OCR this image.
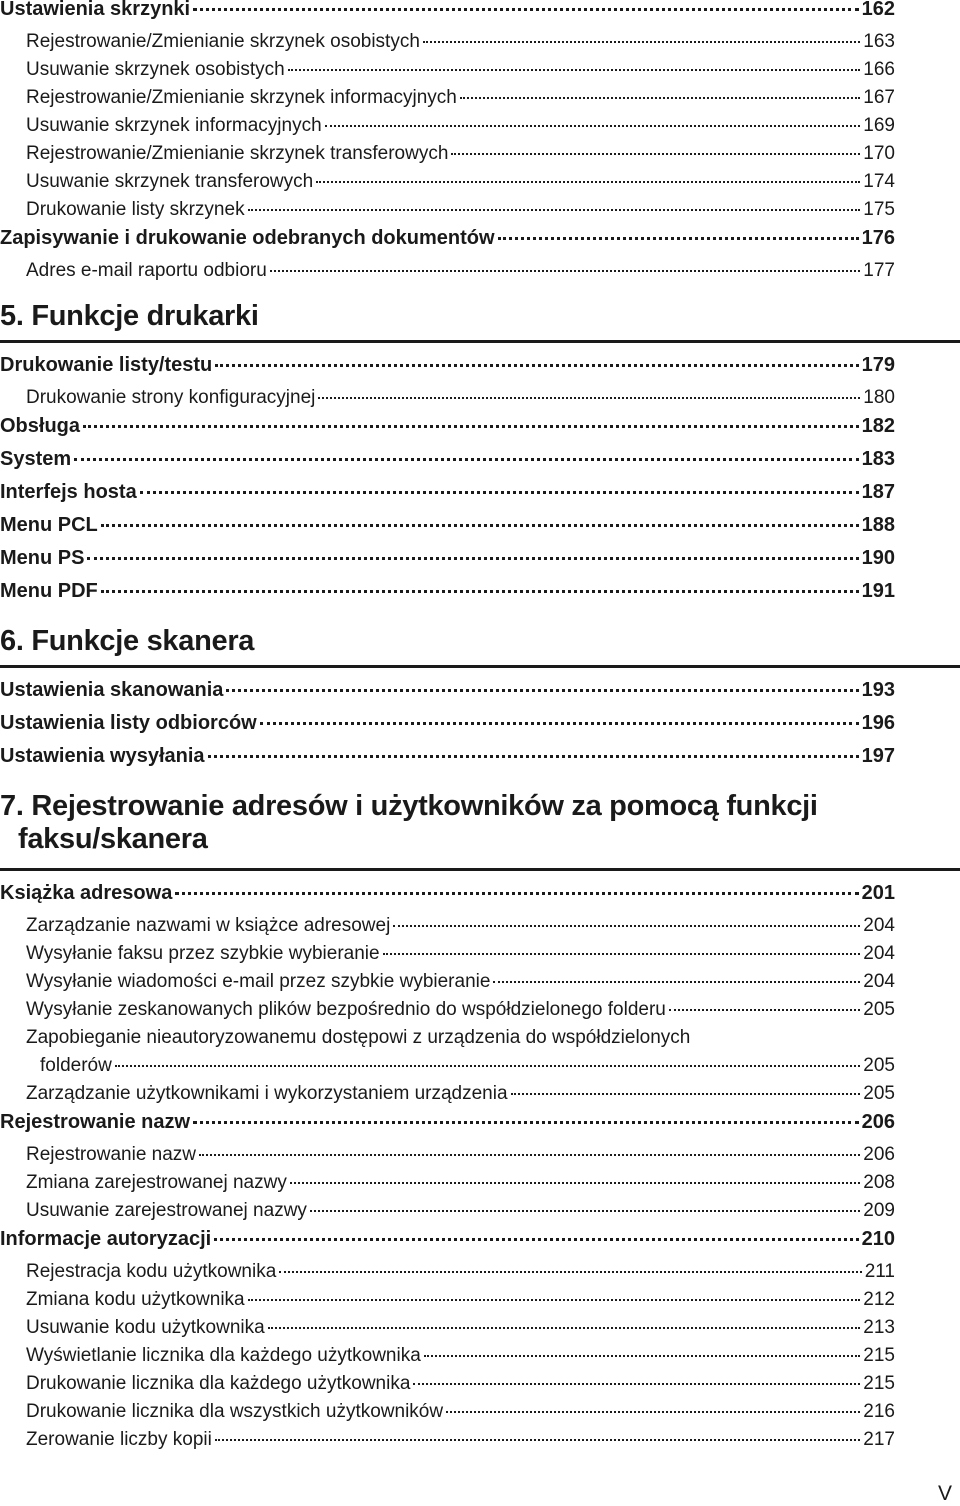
Ustawienia skrzynki	162
Rejestrowanie/Zmienianie skrzynek osobistych	163
Usuwanie skrzynek osobistych	166
Rejestrowanie/Zmienianie skrzynek informacyjnych	167
Usuwanie skrzynek informacyjnych	169
Rejestrowanie/Zmienianie skrzynek transferowych	170
Usuwanie skrzynek transferowych	174
Drukowanie listy skrzynek	175
Zapisywanie i drukowanie odebranych dokumentów	176
Adres e-mail raportu odbioru	177
5. Funkcje drukarki
Drukowanie listy/testu	179
Drukowanie strony konfiguracyjnej	180
Obsługa	182
System	183
Interfejs hosta	187
Menu PCL	188
Menu PS	190
Menu PDF	191
6. Funkcje skanera
Ustawienia skanowania	193
Ustawienia listy odbiorców	196
Ustawienia wysyłania	197
7. Rejestrowanie adresów i użytkowników za pomocą funkcji
faksu/skanera
Książka adresowa	201
Zarządzanie nazwami w książce adresowej	204
Wysyłanie faksu przez szybkie wybieranie	204
Wysyłanie wiadomości e-mail przez szybkie wybieranie	204
Wysyłanie zeskanowanych plików bezpośrednio do współdzielonego folderu	205
Zapobieganie nieautoryzowanemu dostępowi z urządzenia do współdzielonych
folderów	205
Zarządzanie użytkownikami i wykorzystaniem urządzenia	205
Rejestrowanie nazw	206
Rejestrowanie nazw	206
Zmiana zarejestrowanej nazwy	208
Usuwanie zarejestrowanej nazwy	209
Informacje autoryzacji	210
Rejestracja kodu użytkownika	211
Zmiana kodu użytkownika	212
Usuwanie kodu użytkownika	213
Wyświetlanie licznika dla każdego użytkownika	215
Drukowanie licznika dla każdego użytkownika	215
Drukowanie licznika dla wszystkich użytkowników	216
Zerowanie liczby kopii	217
V
